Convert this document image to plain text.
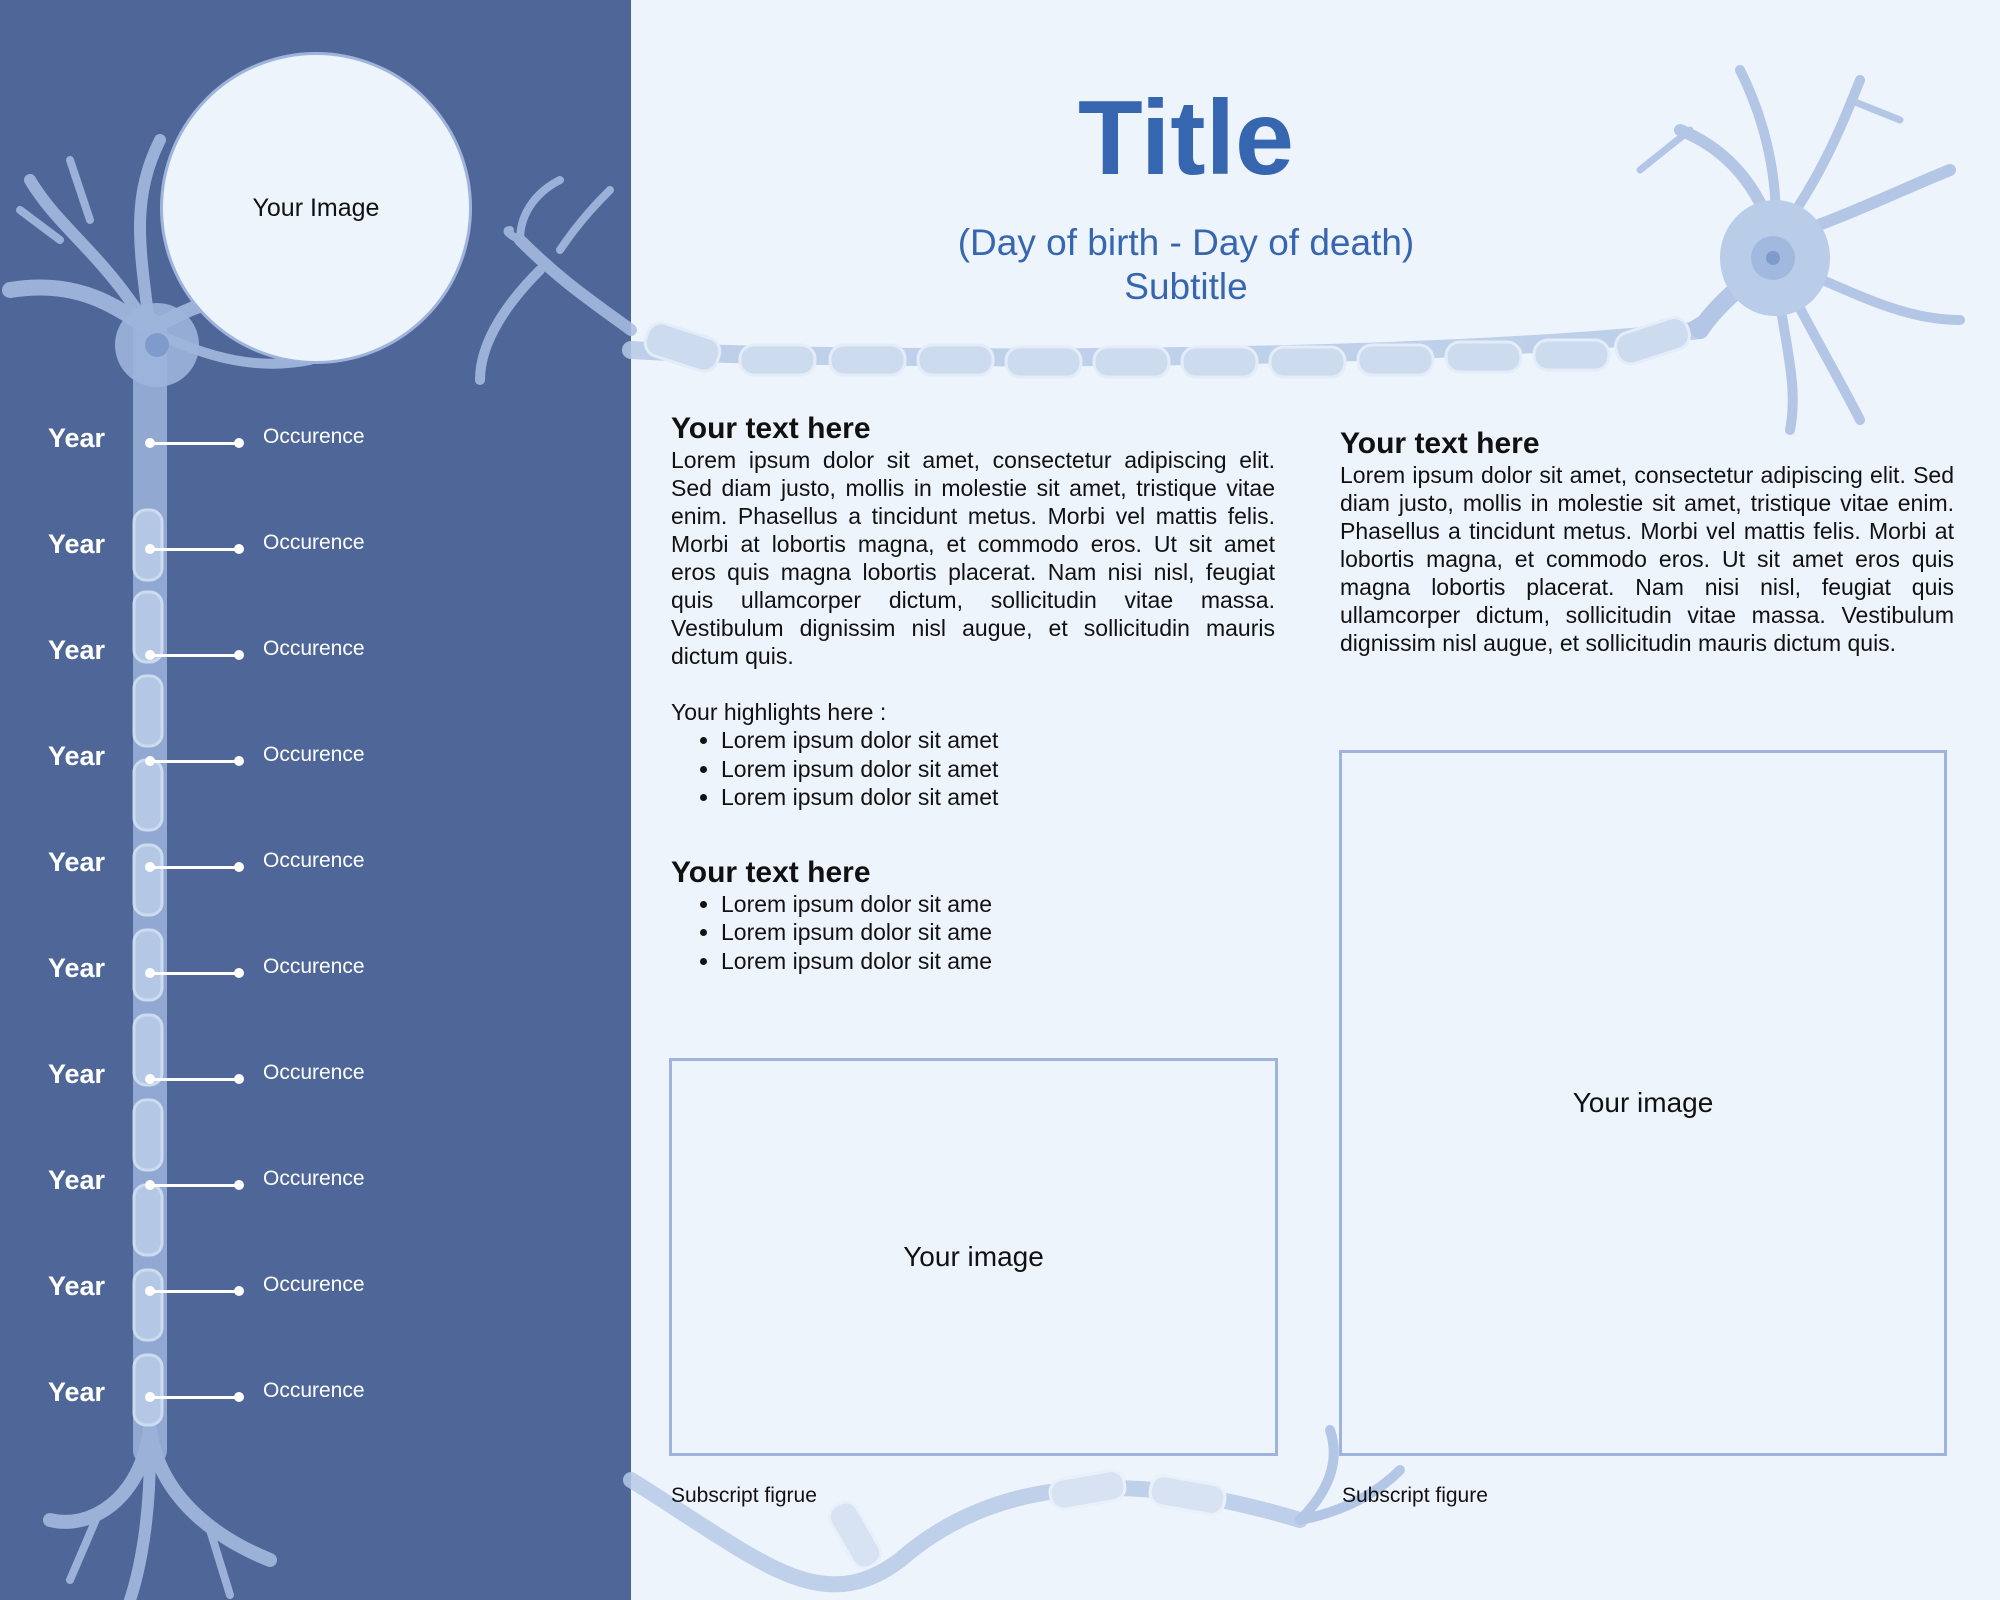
Your Image
Year	Occurence
Year	Occurence
Year	Occurence
Year	Occurence
Year	Occurence
Year	Occurence
Year	Occurence
Year	Occurence
Year	Occurence
Year	Occurence
Title
(Day of birth - Day of death)
Subtitle
Your text here

Lorem ipsum dolor sit amet, consectetur adipiscing elit. Sed diam justo, mollis in molestie sit amet, tristique vitae enim. Phasellus a tincidunt metus. Morbi vel mattis felis. Morbi at lobortis magna, et commodo eros. Ut sit amet eros quis magna lobortis placerat. Nam nisi nisl, feugiat quis ullamcorper dictum, sollicitudin vitae massa. Vestibulum dignissim nisl augue, et sollicitudin mauris dictum quis.

Your highlights here :

• Lorem ipsum dolor sit amet
• Lorem ipsum dolor sit amet
• Lorem ipsum dolor sit amet
Your text here
• Lorem ipsum dolor sit ame
• Lorem ipsum dolor sit ame
• Lorem ipsum dolor sit ame
Your image
Subscript figrue
Your text here

Lorem ipsum dolor sit amet, consectetur adipiscing elit. Sed diam justo, mollis in molestie sit amet, tristique vitae enim. Phasellus a tincidunt metus. Morbi vel mattis felis. Morbi at lobortis magna, et commodo eros. Ut sit amet eros quis magna lobortis placerat. Nam nisi nisl, feugiat quis ullamcorper dictum, sollicitudin vitae massa. Vestibulum dignissim nisl augue, et sollicitudin mauris dictum quis.

Your image
Subscript figure
